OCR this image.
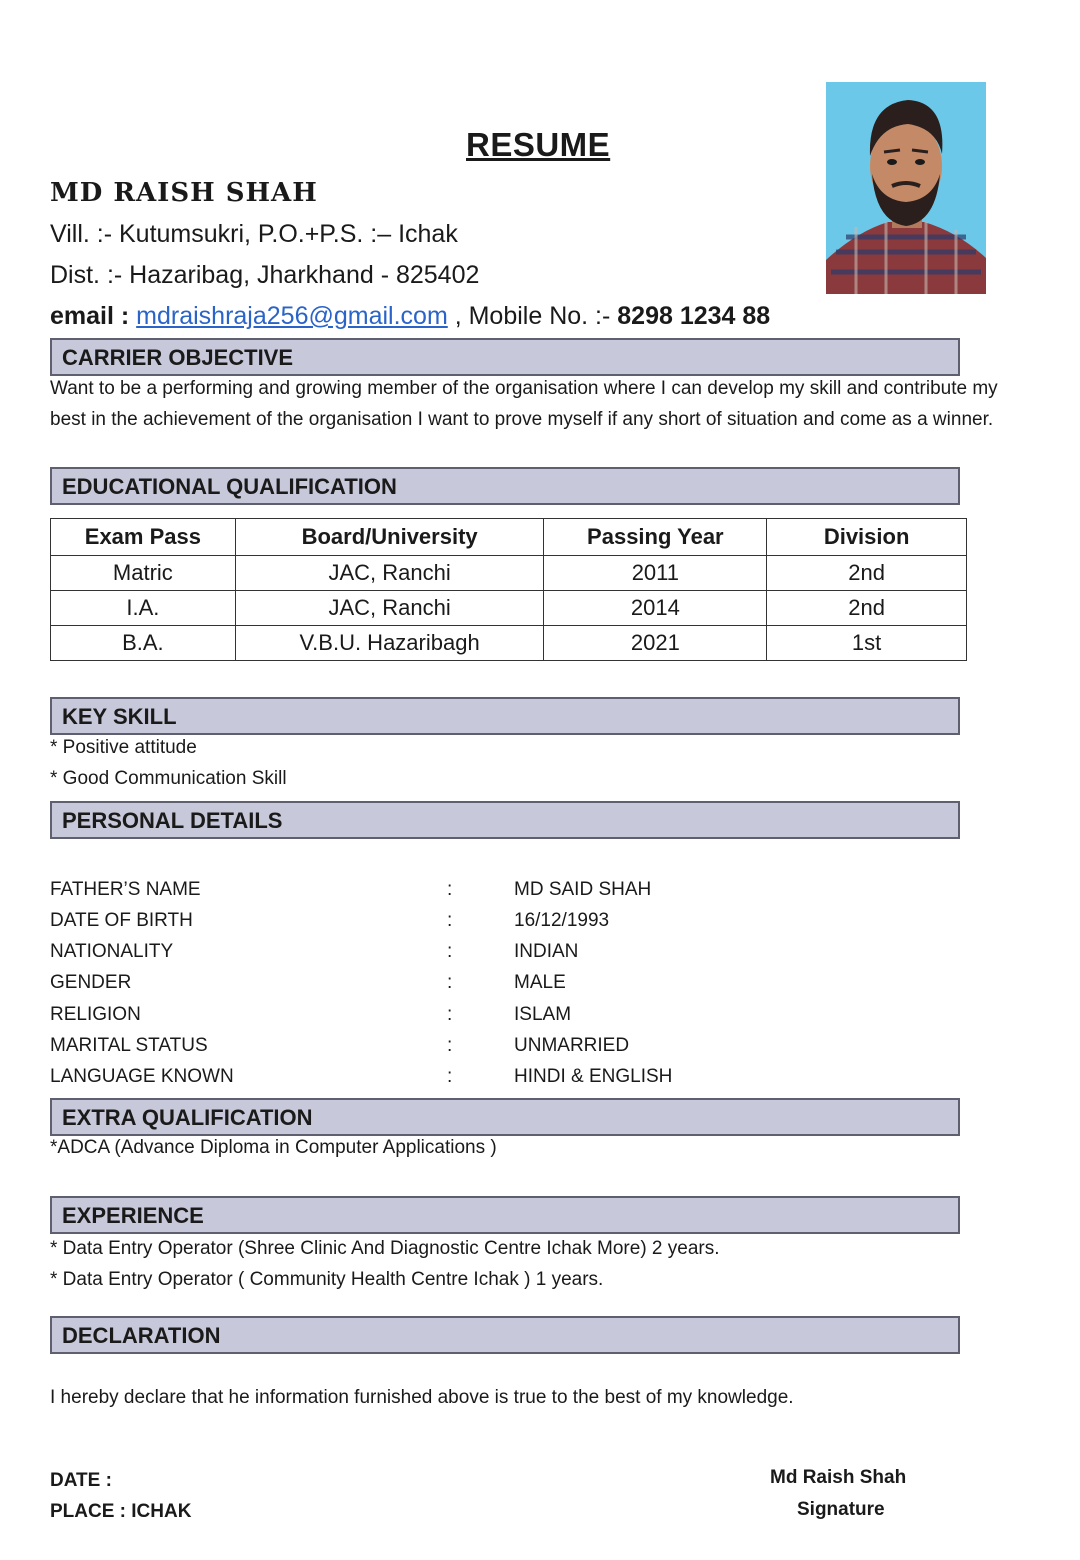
RESUME
MD RAISH SHAH
Vill. :- Kutumsukri, P.O.+P.S. :– Ichak
Dist. :- Hazaribag, Jharkhand - 825402
email : mdraishraja256@gmail.com , Mobile No. :- 8298 1234 88
CARRIER OBJECTIVE
Want to be a performing and growing member of the organisation where I can develop my skill and contribute my best in the achievement of the organisation I want to prove myself if any short of situation and come as a winner.
EDUCATIONAL QUALIFICATION
Exam Pass	Board/University	Passing Year	Division
Matric	JAC, Ranchi	2011	2nd
I.A.	JAC, Ranchi	2014	2nd
B.A.	V.B.U. Hazaribagh	2021	1st
KEY SKILL
* Positive attitude
* Good Communication Skill
PERSONAL DETAILS
FATHER’S NAME	:	MD SAID SHAH
DATE OF BIRTH	:	16/12/1993
NATIONALITY	:	INDIAN
GENDER	:	MALE
RELIGION	:	ISLAM
MARITAL STATUS	:	UNMARRIED
LANGUAGE KNOWN	:	HINDI & ENGLISH
EXTRA QUALIFICATION
*ADCA (Advance Diploma in Computer Applications )
EXPERIENCE
* Data Entry Operator (Shree Clinic And Diagnostic Centre Ichak More) 2 years.
* Data Entry Operator ( Community Health Centre Ichak ) 1 years.
DECLARATION
I hereby declare that he information furnished above is true to the best of my knowledge.
DATE :
PLACE : ICHAK
Md Raish Shah
Signature
